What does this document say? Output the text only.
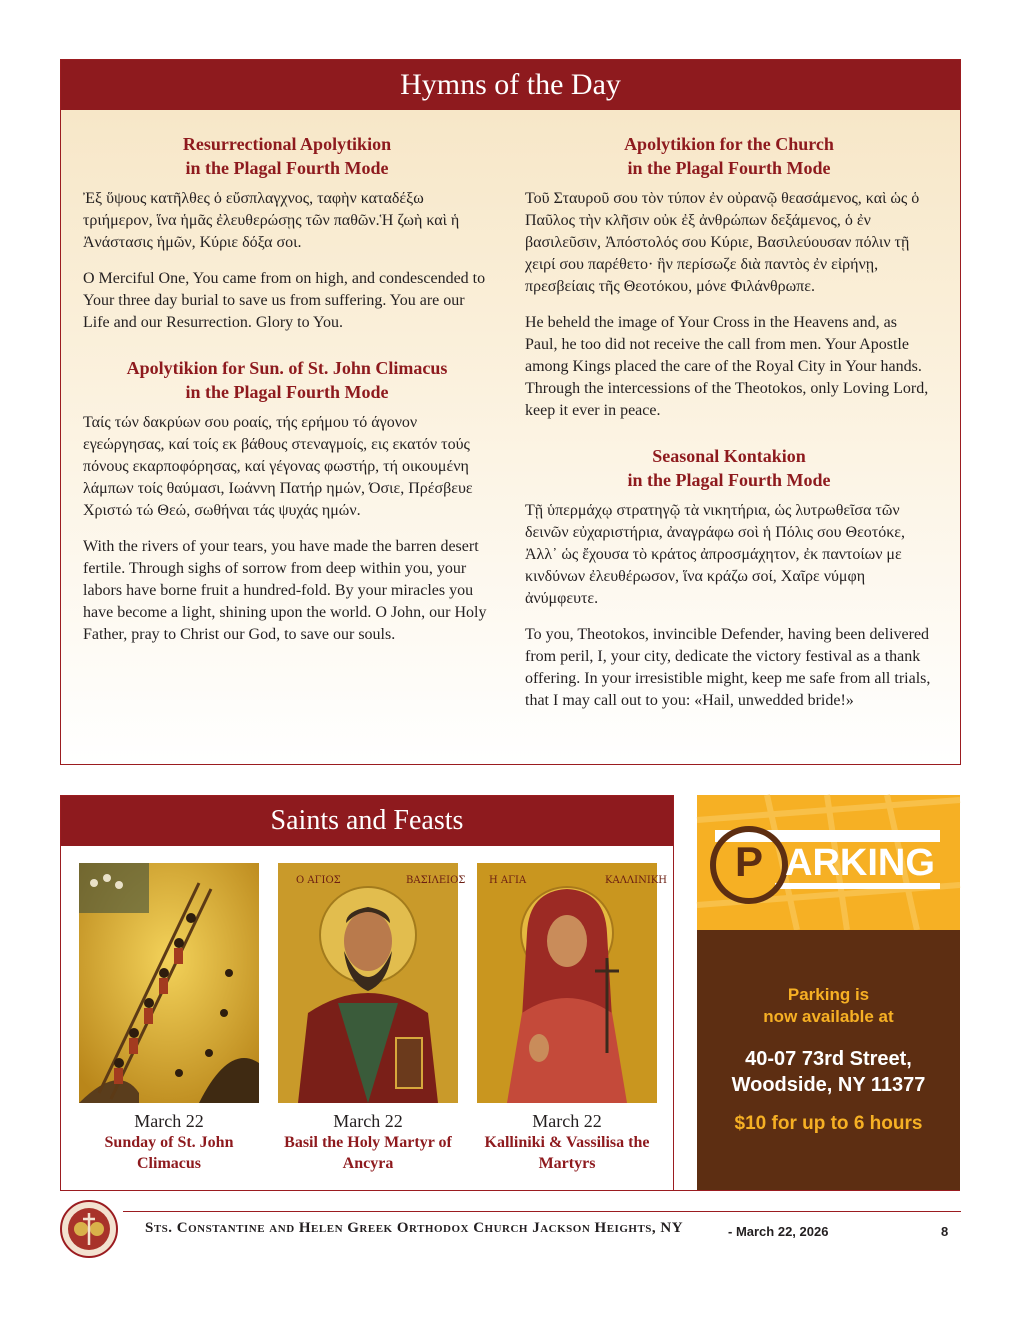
Hymns of the Day
Resurrectional Apolytikion
in the Plagal Fourth Mode

Ἐξ ὕψους κατῆλθες ὁ εὔσπλαγχνος, ταφὴν καταδέξω τριήμερον, ἵνα ἡμᾶς ἐλευθερώσῃς τῶν παθῶν.Ἡ ζωὴ καὶ ἡ Ἀνάστασις ἡμῶν, Κύριε δόξα σοι.

O Merciful One, You came from on high, and condescended to Your three day burial to save us from suffering. You are our Life and our Resurrection. Glory to You.

Apolytikion for Sun. of St. John Climacus
in the Plagal Fourth Mode

Ταίς τών δακρύων σου ροαίς, τής ερήμου τό άγονον εγεώργησας, καί τοίς εκ βάθους στεναγμοίς, εις εκατόν τούς πόνους εκαρποφόρησας, καί γέγονας φωστήρ, τή οικουμένη λάμπων τοίς θαύμασι, Ιωάννη Πατήρ ημών, Όσιε, Πρέσβευε Χριστώ τώ Θεώ, σωθήναι τάς ψυχάς ημών.

With the rivers of your tears, you have made the barren desert fertile. Through sighs of sorrow from deep within you, your labors have borne fruit a hundred-fold. By your miracles you have become a light, shining upon the world. O John, our Holy Father, pray to Christ our God, to save our souls.

Apolytikion for the Church
in the Plagal Fourth Mode

Τοῦ Σταυροῦ σου τὸν τύπον ἐν οὐρανῷ θεασάμενος, καὶ ὡς ὁ Παῦλος τὴν κλῆσιν οὐκ ἐξ ἀνθρώπων δεξάμενος, ὁ ἐν βασιλεῦσιν, Ἀπόστολός σου Κύριε, Βασιλεύουσαν πόλιν τῇ χειρί σου παρέθετο· ἣν περίσωζε διὰ παντὸς ἐν εἰρήνῃ, πρεσβείαις τῆς Θεοτόκου, μόνε Φιλάνθρωπε.

He beheld the image of Your Cross in the Heavens and, as Paul, he too did not receive the call from men. Your Apostle among Kings placed the care of the Royal City in Your hands. Through the intercessions of the Theotokos, only Loving Lord, keep it ever in peace.

Seasonal Kontakion
in the Plagal Fourth Mode

Τῇ ὑπερμάχῳ στρατηγῷ τὰ νικητήρια, ὡς λυτρωθεῖσα τῶν δεινῶν εὐχαριστήρια, ἀναγράφω σοὶ ἡ Πόλις σου Θεοτόκε, Ἀλλ᾽ ὡς ἔχουσα τὸ κράτος ἀπροσμάχητον, ἐκ παντοίων με κινδύνων ἐλευθέρωσον, ἵνα κράζω σοί, Χαῖρε νύμφη ἀνύμφευτε.

To you, Theotokos, invincible Defender, having been delivered from peril, I, your city, dedicate the victory festival as a thank offering. In your irresistible might, keep me safe from all trials, that I may call out to you: «Hail, unwedded bride!»

Saints and Feasts
March 22
Sunday of St. John Climacus
Ο ΑΓΙΟΣ	ΒΑΣΙΛΕΙΟΣ
March 22
Basil the Holy Martyr of Ancyra
Η ΑΓΙΑ	ΚΑΛΛΙΝΙΚΗ
March 22
Kalliniki & Vassilisa the Martyrs
P ARKING
Parking is
now available at
40-07 73rd Street,
Woodside, NY 11377
$10 for up to 6 hours
Sts. Constantine and Helen Greek Orthodox Church Jackson Heights, NY	- March 22, 2026	8
